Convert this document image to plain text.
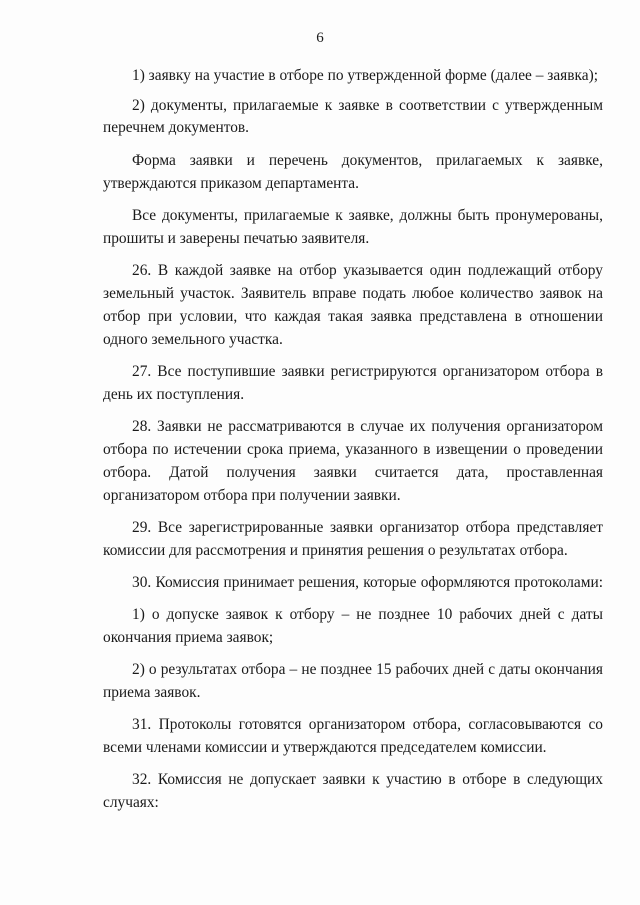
6
1) заявку на участие в отборе по утвержденной форме (далее – заявка);
2) документы, прилагаемые к заявке в соответствии с утвержденным
перечнем документов.
Форма заявки и перечень документов, прилагаемых к заявке,
утверждаются приказом департамента.
Все документы, прилагаемые к заявке, должны быть пронумерованы,
прошиты и заверены печатью заявителя.
26. В каждой заявке на отбор указывается один подлежащий отбору
земельный участок. Заявитель вправе подать любое количество заявок на
отбор при условии, что каждая такая заявка представлена в отношении
одного земельного участка.
27. Все поступившие заявки регистрируются организатором отбора в
день их поступления.
28. Заявки не рассматриваются в случае их получения организатором
отбора по истечении срока приема, указанного в извещении о проведении
отбора. Датой получения заявки считается дата, проставленная
организатором отбора при получении заявки.
29. Все зарегистрированные заявки организатор отбора представляет
комиссии для рассмотрения и принятия решения о результатах отбора.
30. Комиссия принимает решения, которые оформляются протоколами:
1) о допуске заявок к отбору – не позднее 10 рабочих дней с даты
окончания приема заявок;
2) о результатах отбора – не позднее 15 рабочих дней с даты окончания
приема заявок.
31. Протоколы готовятся организатором отбора, согласовываются со
всеми членами комиссии и утверждаются председателем комиссии.
32. Комиссия не допускает заявки к участию в отборе в следующих
случаях:
